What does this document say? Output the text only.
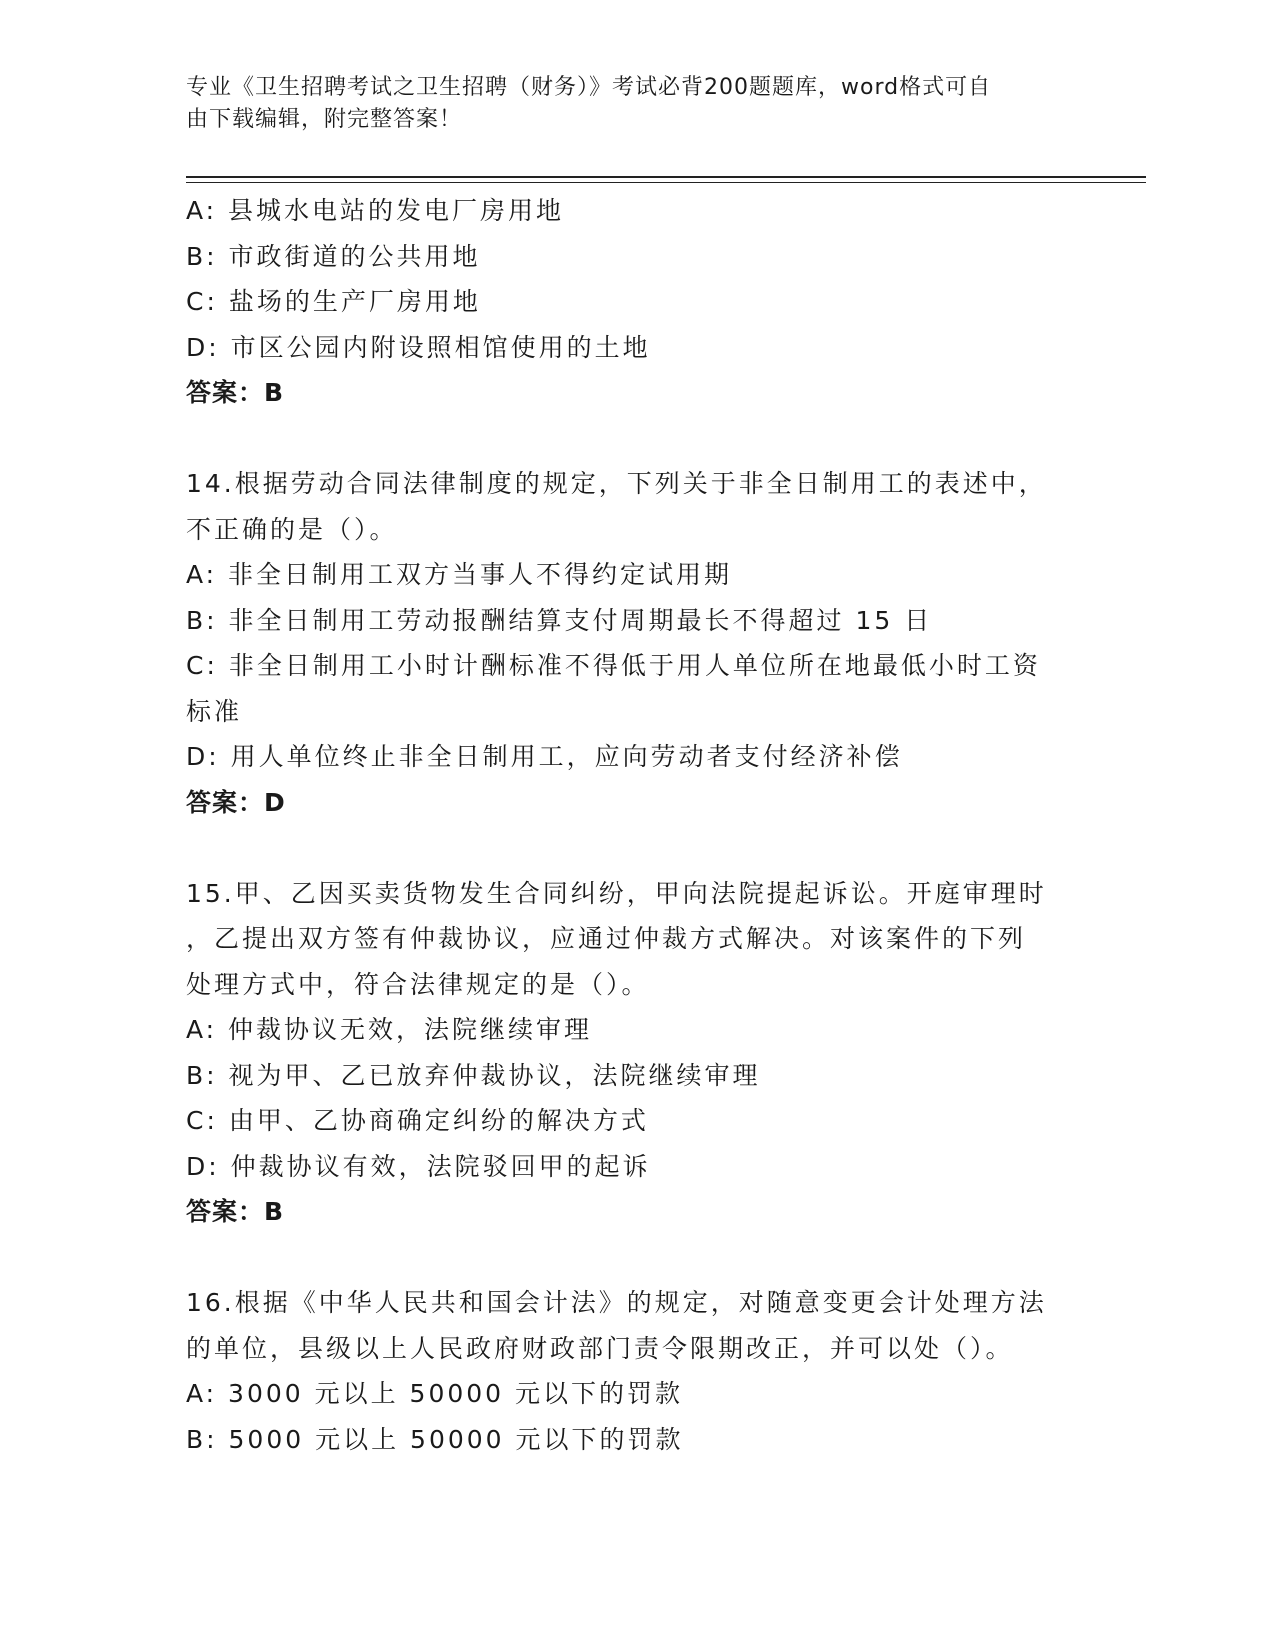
专业《卫生招聘考试之卫生招聘（财务）》考试必背200题题库，word格式可自
由下载编辑，附完整答案！
A: 县城水电站的发电厂房用地
B: 市政街道的公共用地
C: 盐场的生产厂房用地
D: 市区公园内附设照相馆使用的土地
答案：B
14.根据劳动合同法律制度的规定，下列关于非全日制用工的表述中，
不正确的是（）。
A: 非全日制用工双方当事人不得约定试用期
B: 非全日制用工劳动报酬结算支付周期最长不得超过 15 日
C: 非全日制用工小时计酬标准不得低于用人单位所在地最低小时工资
标准
D: 用人单位终止非全日制用工，应向劳动者支付经济补偿
答案：D
15.甲、乙因买卖货物发生合同纠纷，甲向法院提起诉讼。开庭审理时
，乙提出双方签有仲裁协议，应通过仲裁方式解决。对该案件的下列
处理方式中，符合法律规定的是（）。
A: 仲裁协议无效，法院继续审理
B: 视为甲、乙已放弃仲裁协议，法院继续审理
C: 由甲、乙协商确定纠纷的解决方式
D: 仲裁协议有效，法院驳回甲的起诉
答案：B
16.根据《中华人民共和国会计法》的规定，对随意变更会计处理方法
的单位，县级以上人民政府财政部门责令限期改正，并可以处（）。
A: 3000 元以上 50000 元以下的罚款
B: 5000 元以上 50000 元以下的罚款
